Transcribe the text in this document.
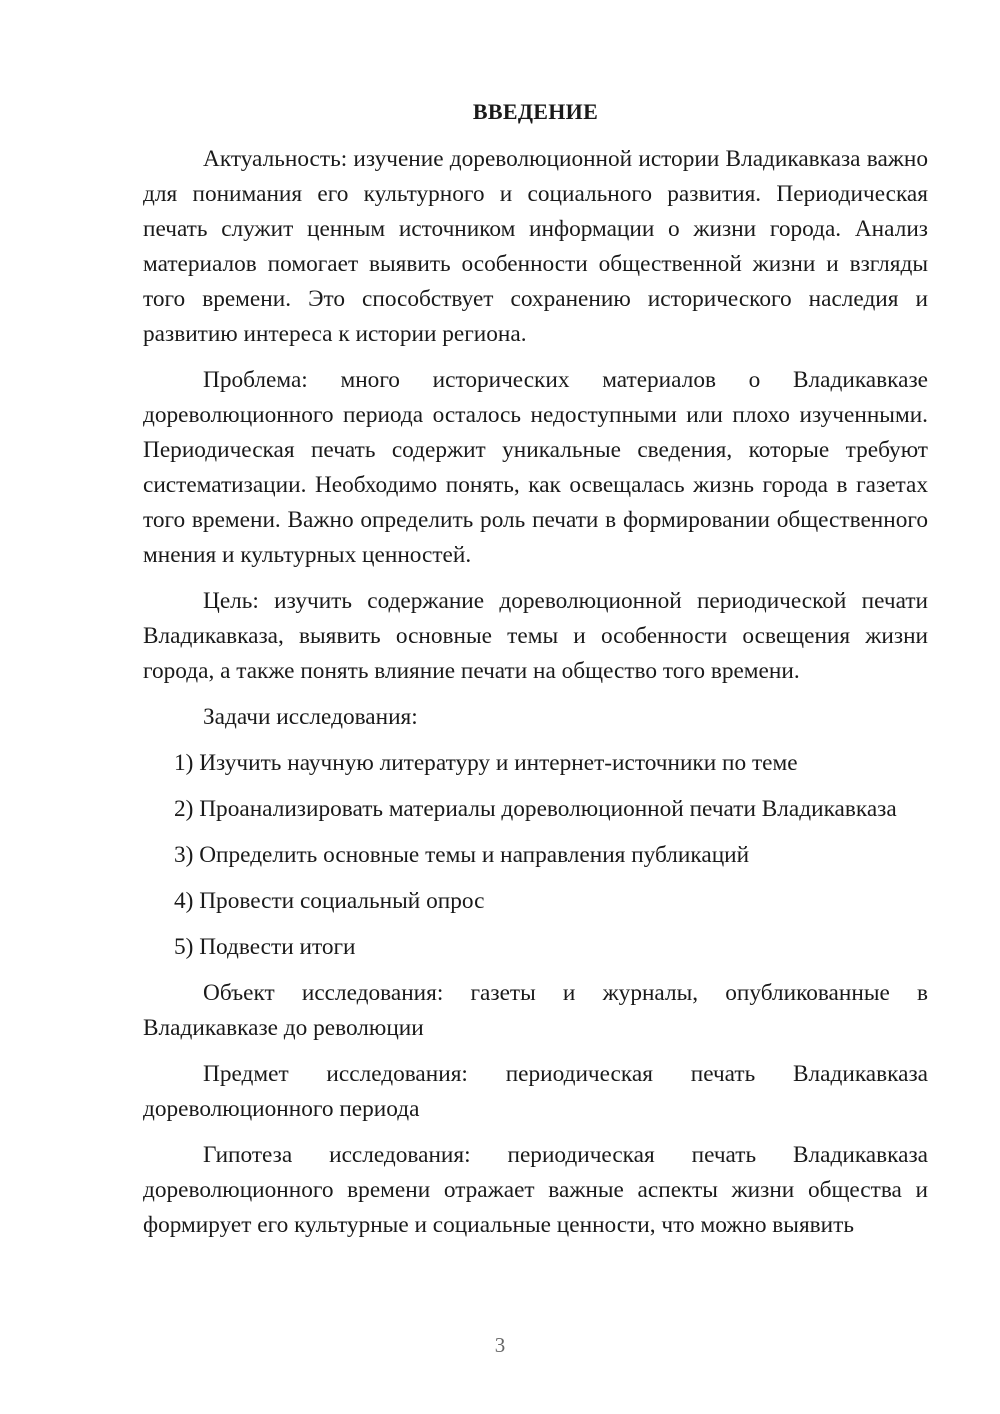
ВВЕДЕНИЕ

Актуальность: изучение дореволюционной истории Владикавказа важно для понимания его культурного и социального развития. Периодическая печать служит ценным источником информации о жизни города. Анализ материалов помогает выявить особенности общественной жизни и взгляды того времени. Это способствует сохранению исторического наследия и развитию интереса к истории региона.

Проблема: много исторических материалов о Владикавказе дореволюционного периода осталось недоступными или плохо изученными. Периодическая печать содержит уникальные сведения, которые требуют систематизации. Необходимо понять, как освещалась жизнь города в газетах того времени. Важно определить роль печати в формировании общественного мнения и культурных ценностей.

Цель: изучить содержание дореволюционной периодической печати Владикавказа, выявить основные темы и особенности освещения жизни города, а также понять влияние печати на общество того времени.

Задачи исследования:

1) Изучить научную литературу и интернет-источники по теме

2) Проанализировать материалы дореволюционной печати Владикавказа

3) Определить основные темы и направления публикаций

4) Провести социальный опрос

5) Подвести итоги

Объект исследования: газеты и журналы, опубликованные в Владикавказе до революции

Предмет исследования: периодическая печать Владикавказа дореволюционного периода

Гипотеза исследования: периодическая печать Владикавказа дореволюционного времени отражает важные аспекты жизни общества и формирует его культурные и социальные ценности, что можно выявить

3
